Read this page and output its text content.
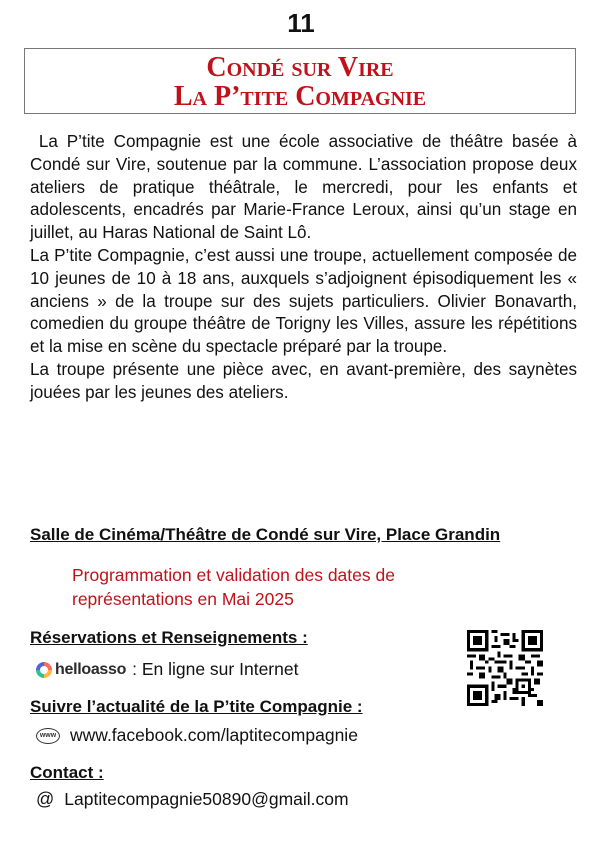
11
Condé sur Vire
La P’tite Compagnie

La P’tite Compagnie est une école associative de théâtre basée à Condé sur Vire, soutenue par la commune. L’association propose deux ateliers de pratique théâtrale, le mercredi, pour les enfants et adolescents, encadrés par Marie-France Leroux, ainsi qu’un stage en juillet, au Haras National de Saint Lô.

La P’tite Compagnie, c’est aussi une troupe, actuellement composée de 10 jeunes de 10 à 18 ans, auxquels s’adjoignent épisodiquement les « anciens » de la troupe sur des sujets particuliers. Olivier Bonavarth, comedien du groupe théâtre de Torigny les Villes, assure les répétitions et la mise en scène du spectacle préparé par la troupe.

La troupe présente une pièce avec, en avant-première, des saynètes jouées par les jeunes des ateliers.

Salle de Cinéma/Théâtre de Condé sur Vire, Place Grandin
Programmation et validation des dates de
représentations en Mai 2025
Réservations et Renseignements :
helloasso : En ligne sur Internet
Suivre l’actualité de la P’tite Compagnie :
www www.facebook.com/laptitecompagnie
Contact :
@ Laptitecompagnie50890@gmail.com
